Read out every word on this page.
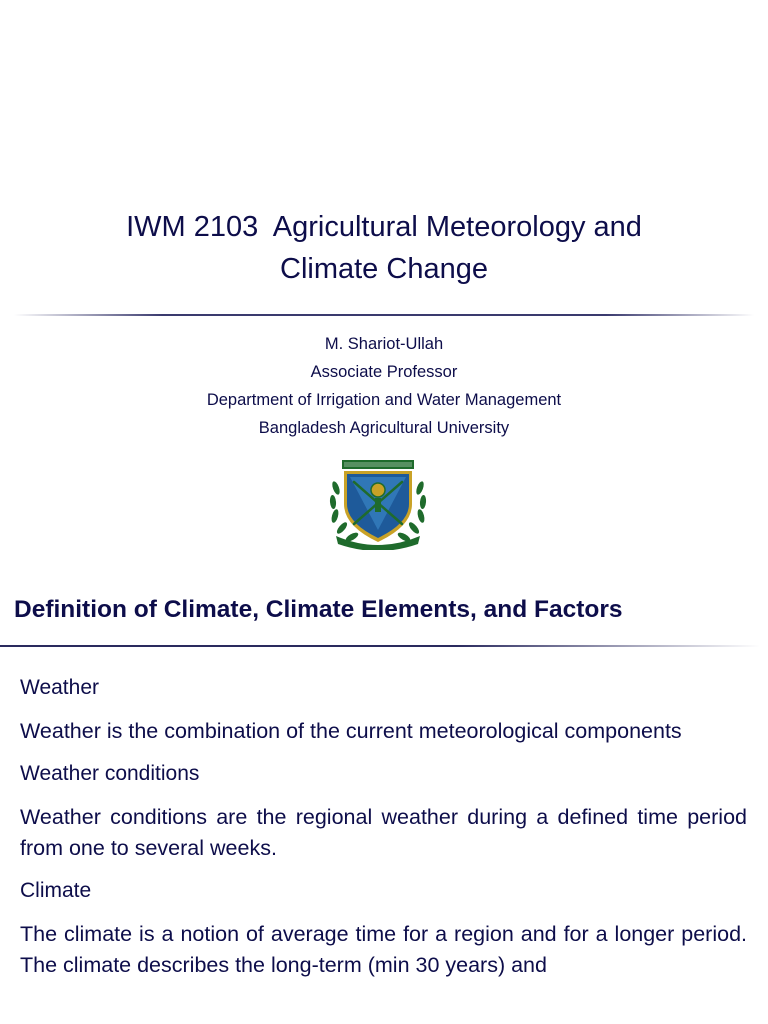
IWM 2103  Agricultural Meteorology and
Climate Change
M. Shariot-Ullah
Associate Professor
Department of Irrigation and Water Management
Bangladesh Agricultural University
Definition of Climate, Climate Elements, and Factors
Weather
Weather is the combination of the current meteorological components
Weather conditions
Weather conditions are the regional weather during a defined time period from one to several weeks.
Climate
The climate is a notion of average time for a region and for a longer period. The climate describes the long-term (min 30 years) and
